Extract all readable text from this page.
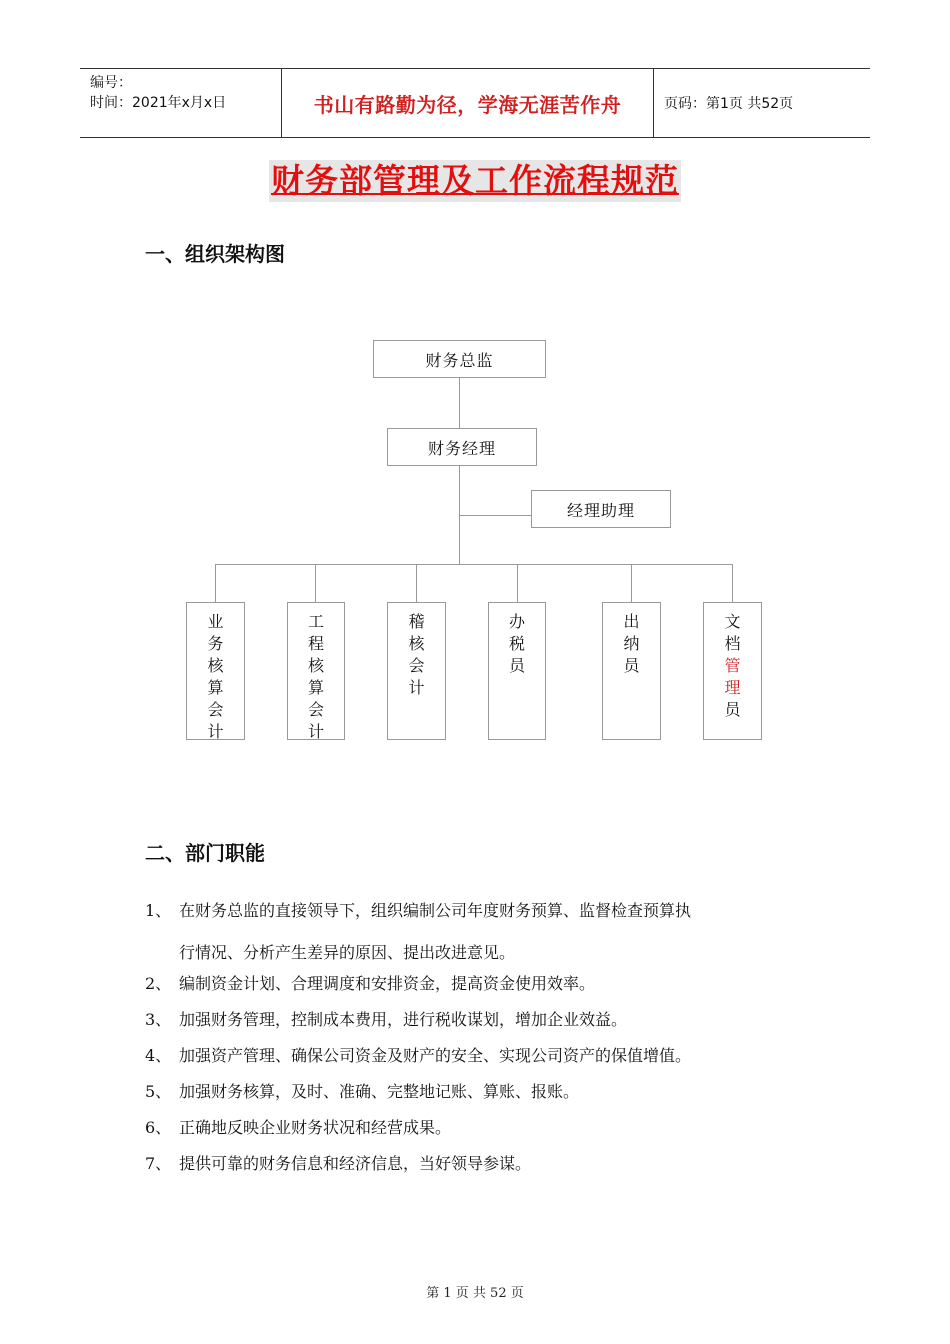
编号：
时间：2021年x月x日	书山有路勤为径，学海无涯苦作舟	页码：第1页 共52页
财务部管理及工作流程规范
一、组织架构图
财务总监
财务经理
经理助理
业
务
核
算
会
计
工
程
核
算
会
计
稽
核
会
计
办
税
员
出
纳
员
文
档
管
理
员
二、部门职能
1、 在财务总监的直接领导下，组织编制公司年度财务预算、监督检查预算执
行情况、分析产生差异的原因、提出改进意见。
2、 编制资金计划、合理调度和安排资金，提高资金使用效率。
3、 加强财务管理，控制成本费用，进行税收谋划，增加企业效益。
4、 加强资产管理、确保公司资金及财产的安全、实现公司资产的保值增值。
5、 加强财务核算，及时、准确、完整地记账、算账、报账。
6、 正确地反映企业财务状况和经营成果。
7、 提供可靠的财务信息和经济信息，当好领导参谋。
第 1 页 共 52 页
